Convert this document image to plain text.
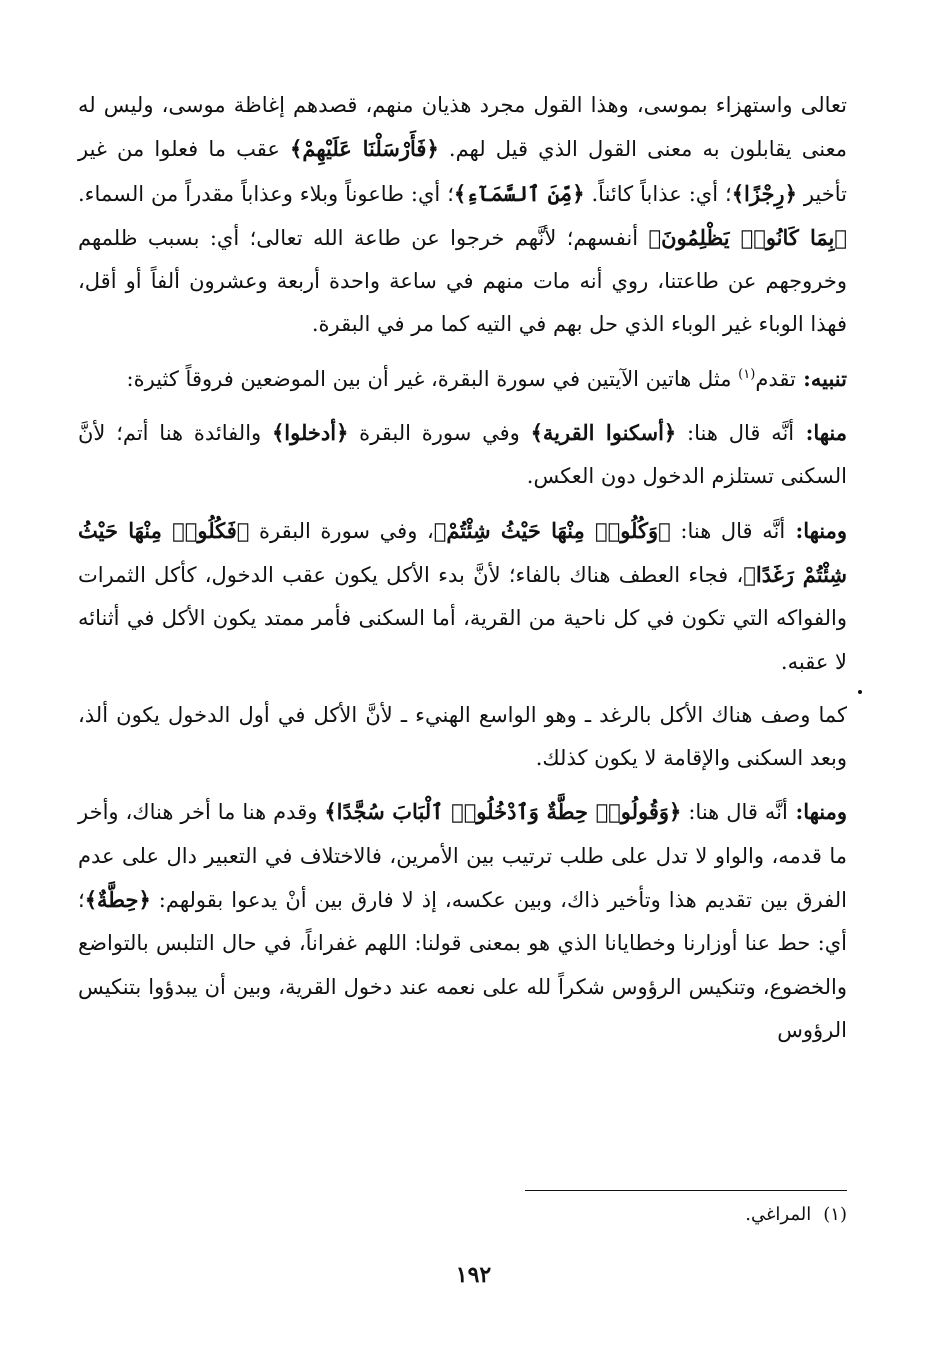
تعالى واستهزاء بموسى، وهذا القول مجرد هذيان منهم، قصدهم إغاظة موسى، وليس له معنى يقابلون به معنى القول الذي قيل لهم. ﴿فَأَرْسَلْنَا عَلَيْهِمْ﴾ عقب ما فعلوا من غير تأخير ﴿رِجْزًا﴾؛ أي: عذاباً كائناً. ﴿مِّنَ ٱلسَّمَآءِ﴾؛ أي: طاعوناً وبلاء وعذاباً مقدراً من السماء. ﴿بِمَا كَانُوا۟ يَظْلِمُونَ﴾ أنفسهم؛ لأنَّهم خرجوا عن طاعة الله تعالى؛ أي: بسبب ظلمهم وخروجهم عن طاعتنا، روي أنه مات منهم في ساعة واحدة أربعة وعشرون ألفاً أو أقل، فهذا الوباء غير الوباء الذي حل بهم في التيه كما مر في البقرة.

تنبيه: تقدم$^{(١)}$ مثل هاتين الآيتين في سورة البقرة، غير أن بين الموضعين فروقاً كثيرة:

منها: أنَّه قال هنا: ﴿أسكنوا القرية﴾ وفي سورة البقرة ﴿أدخلوا﴾ والفائدة هنا أتم؛ لأنَّ السكنى تستلزم الدخول دون العكس.

ومنها: أنَّه قال هنا: ﴿وَكُلُوا۟ مِنْهَا حَيْثُ شِئْتُمْ﴾، وفي سورة البقرة ﴿فَكُلُوا۟ مِنْهَا حَيْثُ شِئْتُمْ رَغَدًا﴾، فجاء العطف هناك بالفاء؛ لأنَّ بدء الأكل يكون عقب الدخول، كأكل الثمرات والفواكه التي تكون في كل ناحية من القرية، أما السكنى فأمر ممتد يكون الأكل في أثنائه لا عقبه.

كما وصف هناك الأكل بالرغد ـ وهو الواسع الهنيء ـ لأنَّ الأكل في أول الدخول يكون ألذ، وبعد السكنى والإقامة لا يكون كذلك.

ومنها: أنَّه قال هنا: ﴿وَقُولُوا۟ حِطَّةٌ وَٱدْخُلُوا۟ ٱلْبَابَ سُجَّدًا﴾ وقدم هنا ما أخر هناك، وأخر ما قدمه، والواو لا تدل على طلب ترتيب بين الأمرين، فالاختلاف في التعبير دال على عدم الفرق بين تقديم هذا وتأخير ذاك، وبين عكسه، إذ لا فارق بين أنْ يدعوا بقولهم: ﴿حِطَّةٌ﴾؛ أي: حط عنا أوزارنا وخطايانا الذي هو بمعنى قولنا: اللهم غفراناً، في حال التلبس بالتواضع والخضوع، وتنكيس الرؤوس شكراً لله على نعمه عند دخول القرية، وبين أن يبدؤوا بتنكيس الرؤوس

(١)المراغي.
١٩٢
